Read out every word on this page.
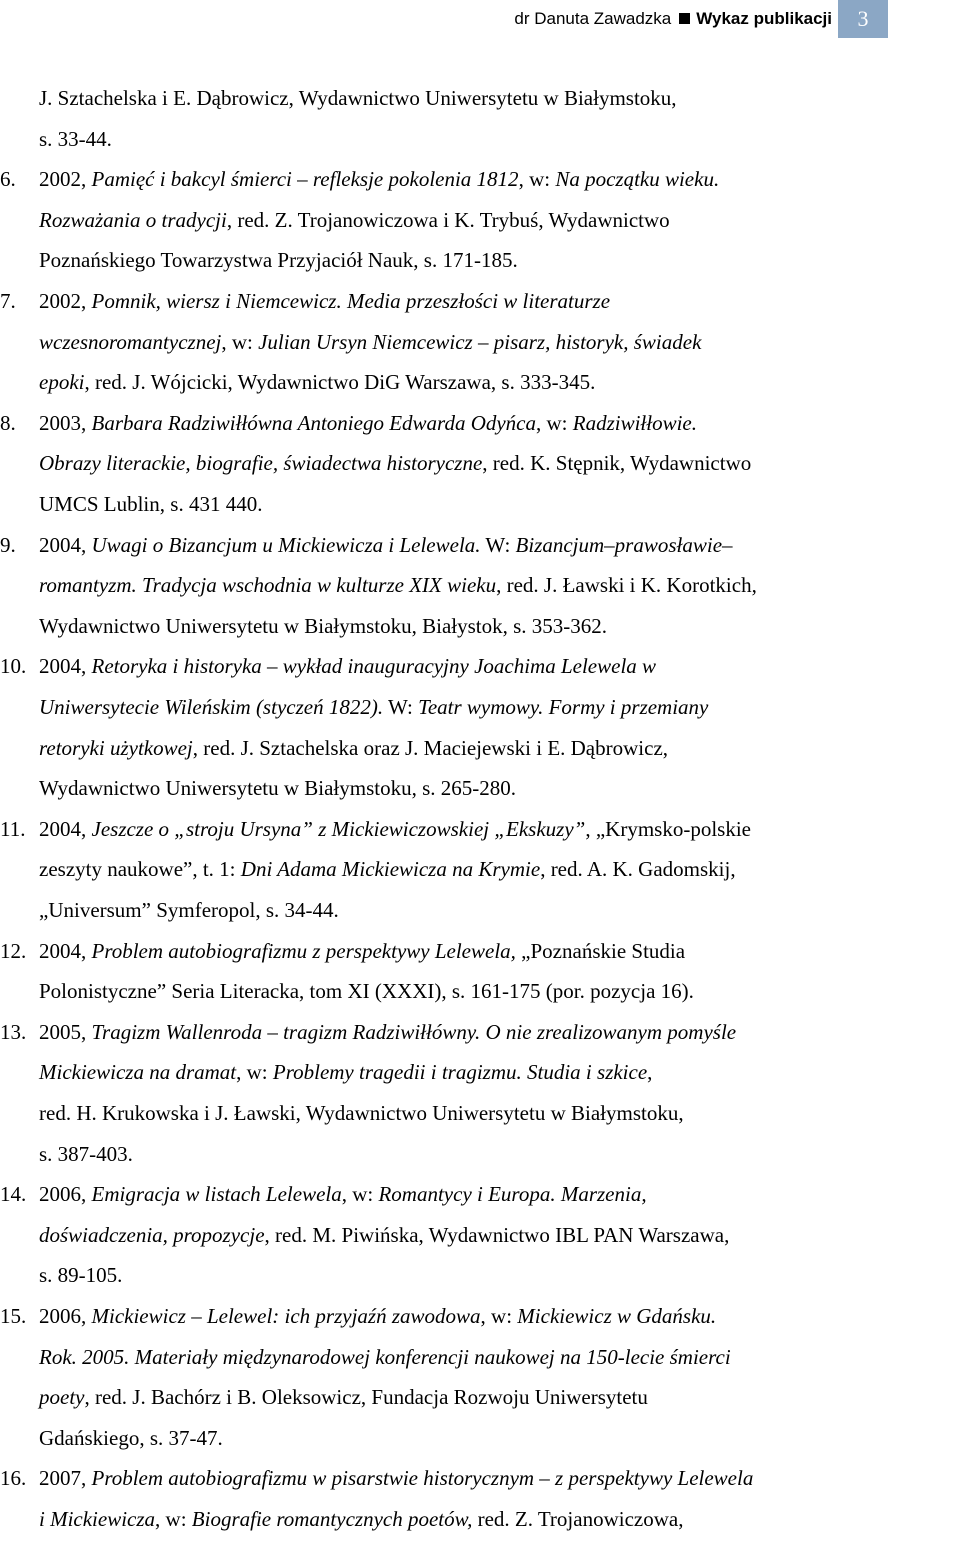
dr Danuta Zawadzka Wykaz publikacji	3
J. Sztachelska i E. Dąbrowicz, Wydawnictwo Uniwersytetu w Białymstoku,
s. 33-44.
6.	2002, Pamięć i bakcyl śmierci – refleksje pokolenia 1812, w: Na początku wieku.
Rozważania o tradycji, red. Z. Trojanowiczowa i K. Trybuś, Wydawnictwo
Poznańskiego Towarzystwa Przyjaciół Nauk, s. 171-185.
7.	2002, Pomnik, wiersz i Niemcewicz. Media przeszłości w literaturze
wczesnoromantycznej, w: Julian Ursyn Niemcewicz – pisarz, historyk, świadek
epoki, red. J. Wójcicki, Wydawnictwo DiG Warszawa, s. 333-345.
8.	2003, Barbara Radziwiłłówna Antoniego Edwarda Odyńca, w: Radziwiłłowie.
Obrazy literackie, biografie, świadectwa historyczne, red. K. Stępnik, Wydawnictwo
UMCS Lublin, s. 431 440.
9.	2004, Uwagi o Bizancjum u Mickiewicza i Lelewela. W: Bizancjum–prawosławie–
romantyzm. Tradycja wschodnia w kulturze XIX wieku, red. J. Ławski i K. Korotkich,
Wydawnictwo Uniwersytetu w Białymstoku, Białystok, s. 353-362.
10. 2004, Retoryka i historyka – wykład inauguracyjny Joachima Lelewela w
Uniwersytecie Wileńskim (styczeń 1822). W: Teatr wymowy. Formy i przemiany
retoryki użytkowej, red. J. Sztachelska oraz J. Maciejewski i E. Dąbrowicz,
Wydawnictwo Uniwersytetu w Białymstoku, s. 265-280.
11. 2004, Jeszcze o „stroju Ursyna” z Mickiewiczowskiej „Ekskuzy”, „Krymsko-polskie
zeszyty naukowe”, t. 1: Dni Adama Mickiewicza na Krymie, red. A. K. Gadomskij,
„Universum” Symferopol, s. 34-44.
12. 2004, Problem autobiografizmu z perspektywy Lelewela, „Poznańskie Studia
Polonistyczne” Seria Literacka, tom XI (XXXI), s. 161-175 (por. pozycja 16).
13. 2005, Tragizm Wallenroda – tragizm Radziwiłłówny. O nie zrealizowanym pomyśle
Mickiewicza na dramat, w: Problemy tragedii i tragizmu. Studia i szkice,
red. H. Krukowska i J. Ławski, Wydawnictwo Uniwersytetu w Białymstoku,
s. 387-403.
14. 2006, Emigracja w listach Lelewela, w: Romantycy i Europa. Marzenia,
doświadczenia, propozycje, red. M. Piwińska, Wydawnictwo IBL PAN Warszawa,
s. 89-105.
15. 2006, Mickiewicz – Lelewel: ich przyjaźń zawodowa, w: Mickiewicz w Gdańsku.
Rok. 2005. Materiały międzynarodowej konferencji naukowej na 150-lecie śmierci
poety, red. J. Bachórz i B. Oleksowicz, Fundacja Rozwoju Uniwersytetu
Gdańskiego, s. 37-47.
16. 2007, Problem autobiografizmu w pisarstwie historycznym – z perspektywy Lelewela
i Mickiewicza, w: Biografie romantycznych poetów, red. Z. Trojanowiczowa,
